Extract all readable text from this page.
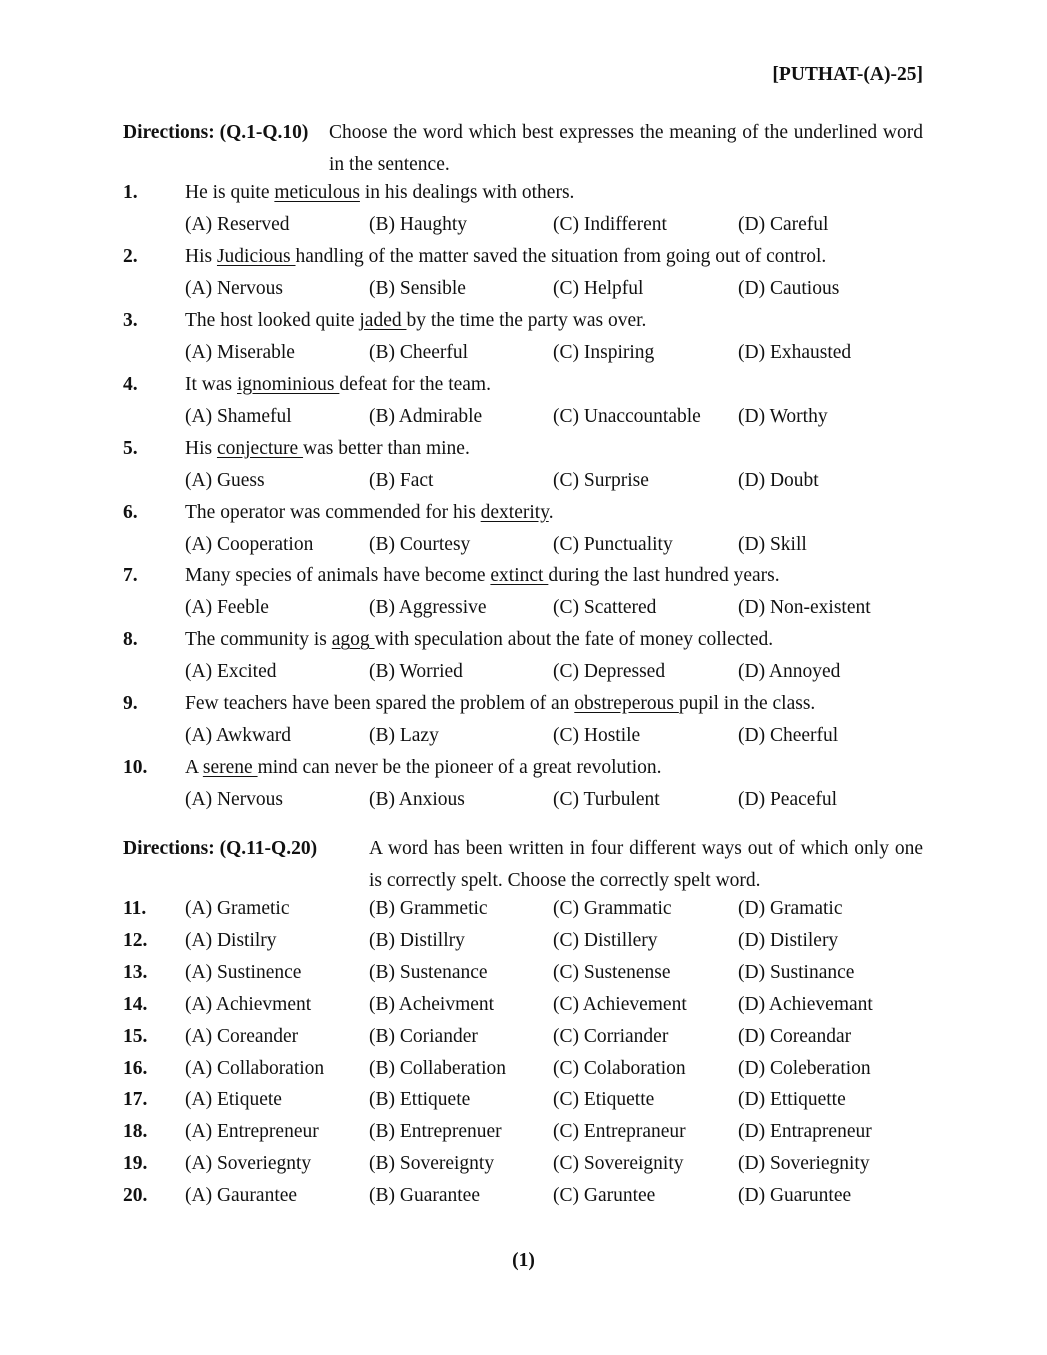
[PUTHAT-(A)-25]
Directions: (Q.1-Q.10) Choose the word which best expresses the meaning of the underlined word in the sentence.
1. He is quite meticulous in his dealings with others.
(A) Reserved	(B) Haughty	(C) Indifferent	(D) Careful
2. His Judicious handling of the matter saved the situation from going out of control.
(A) Nervous	(B) Sensible	(C) Helpful	(D) Cautious
3. The host looked quite jaded by the time the party was over.
(A) Miserable	(B) Cheerful	(C) Inspiring	(D) Exhausted
4. It was ignominious defeat for the team.
(A) Shameful	(B) Admirable	(C) Unaccountable (D) Worthy
5. His conjecture was better than mine.
(A) Guess	(B) Fact	(C) Surprise	(D) Doubt
6. The operator was commended for his dexterity.
(A) Cooperation	(B) Courtesy	(C) Punctuality	(D) Skill
7. Many species of animals have become extinct during the last hundred years.
(A) Feeble	(B) Aggressive	(C) Scattered	(D) Non-existent
8. The community is agog with speculation about the fate of money collected.
(A) Excited	(B) Worried	(C) Depressed	(D) Annoyed
9. Few teachers have been spared the problem of an obstreperous pupil in the class.
(A) Awkward	(B) Lazy	(C) Hostile	(D) Cheerful
10. A serene mind can never be the pioneer of a great revolution.
(A) Nervous	(B) Anxious	(C) Turbulent	(D) Peaceful
Directions: (Q.11-Q.20)	A word has been written in four different ways out of which only one is correctly spelt. Choose the correctly spelt word.
11. (A) Grametic	(B) Grammetic	(C) Grammatic	(D) Gramatic
12. (A) Distilry	(B) Distillry	(C) Distillery	(D) Distilery
13. (A) Sustinence	(B) Sustenance	(C) Sustenense	(D) Sustinance
14. (A) Achievment	(B) Acheivment	(C) Achievement	(D) Achievemant
15. (A) Coreander	(B) Coriander	(C) Corriander	(D) Coreandar
16. (A) Collaboration (B) Collaberation (C) Colaboration	(D) Coleberation
17. (A) Etiquete	(B) Ettiquete	(C) Etiquette	(D) Ettiquette
18. (A) Entrepreneur	(B) Entreprenuer	(C) Entrepraneur	(D) Entrapreneur
19. (A) Soveriegnty	(B) Sovereignty	(C) Sovereignity	(D) Soveriegnity
20. (A) Gaurantee	(B) Guarantee	(C) Garuntee	(D) Guaruntee
(1)
